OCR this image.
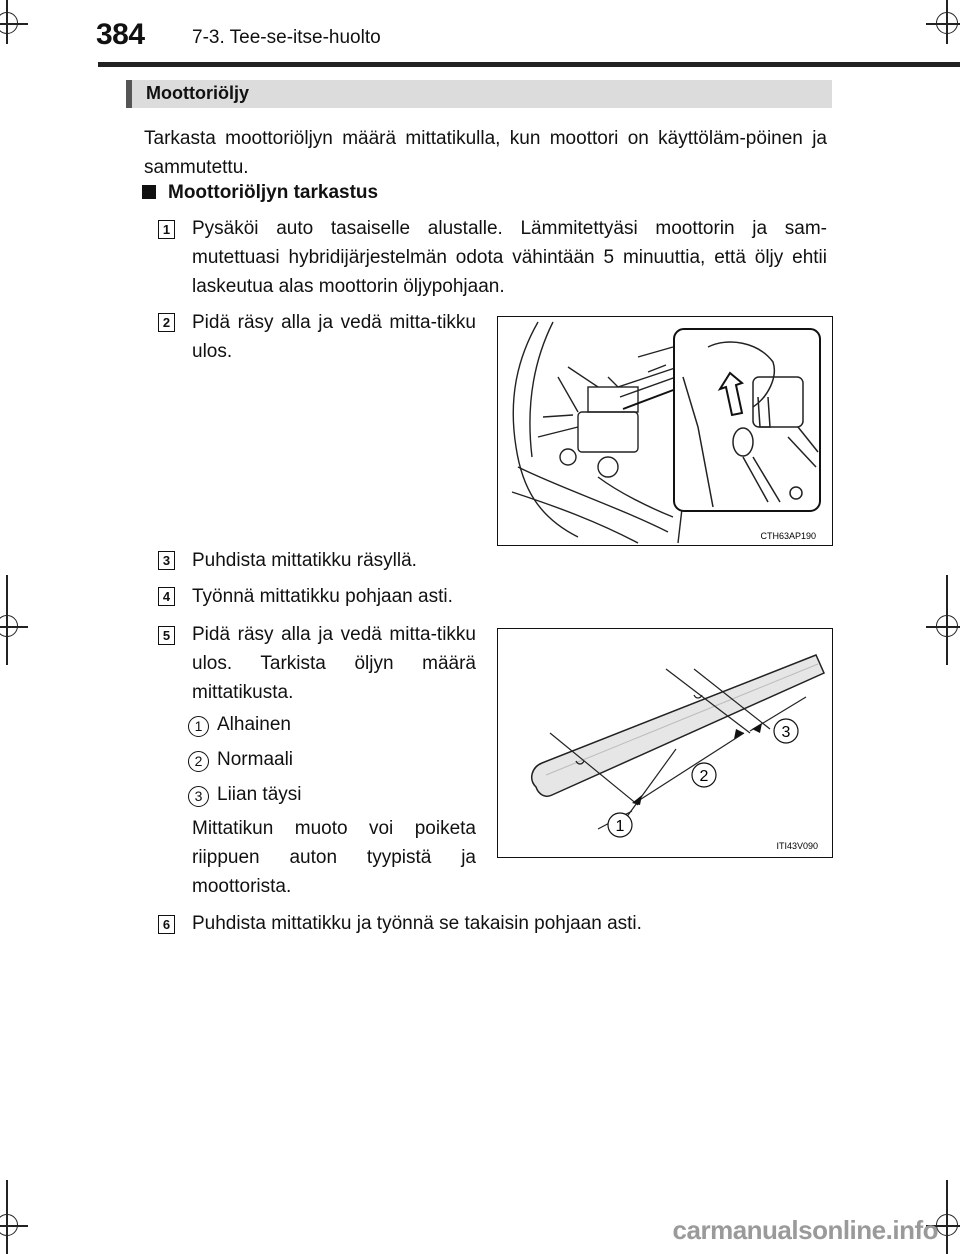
384 7-3. Tee-se-itse-huolto
Moottoriöljy
Tarkasta moottoriöljyn määrä mittatikulla, kun moottori on käyttöläm-pöinen ja sammutettu.
Moottoriöljyn tarkastus
1 Pysäköi auto tasaiselle alustalle. Lämmitettyäsi moottorin ja sam-mutettuasi hybridijärjestelmän odota vähintään 5 minuuttia, että öljy ehtii laskeutua alas moottorin öljypohjaan.
2 Pidä räsy alla ja vedä mitta-tikku ulos.
CTH63AP190
3 Puhdista mittatikku räsyllä.
4 Työnnä mittatikku pohjaan asti.
5 Pidä räsy alla ja vedä mitta-tikku ulos. Tarkista öljyn määrä mittatikusta.
1 Alhainen
2 Normaali
3 Liian täysi
Mittatikun muoto voi poiketa riippuen auton tyypistä ja moottorista.
1
2
3
ITI43V090
6 Puhdista mittatikku ja työnnä se takaisin pohjaan asti.
carmanualsonline.info
